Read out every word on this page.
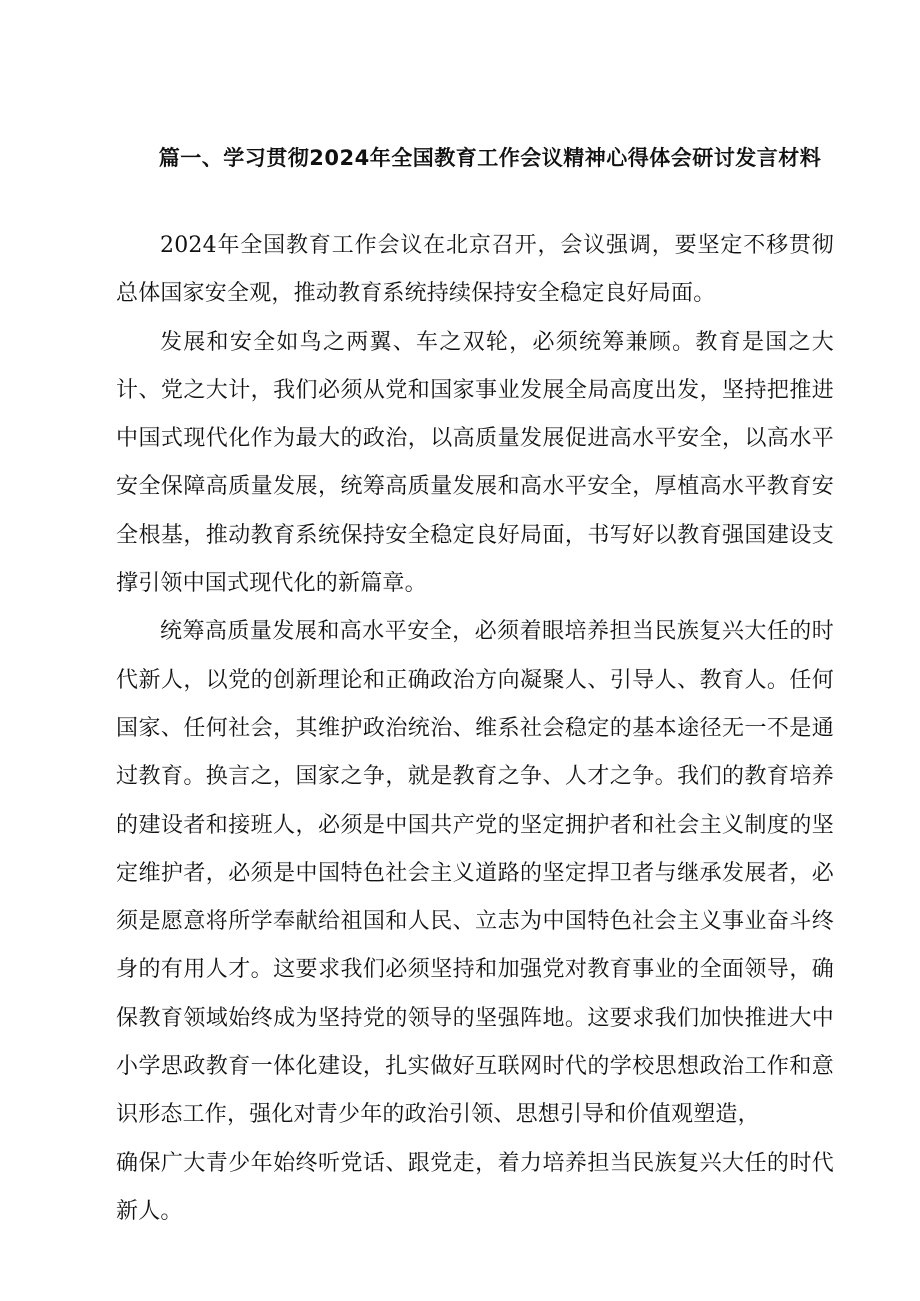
篇一、学习贯彻2024年全国教育工作会议精神心得体会研讨发言材料

2024年全国教育工作会议在北京召开，会议强调，要坚定不移贯彻总体国家安全观，推动教育系统持续保持安全稳定良好局面。

发展和安全如鸟之两翼、车之双轮，必须统筹兼顾。教育是国之大计、党之大计，我们必须从党和国家事业发展全局高度出发，坚持把推进中国式现代化作为最大的政治，以高质量发展促进高水平安全，以高水平安全保障高质量发展，统筹高质量发展和高水平安全，厚植高水平教育安全根基，推动教育系统保持安全稳定良好局面，书写好以教育强国建设支撑引领中国式现代化的新篇章。

统筹高质量发展和高水平安全，必须着眼培养担当民族复兴大任的时代新人，以党的创新理论和正确政治方向凝聚人、引导人、教育人。任何国家、任何社会，其维护政治统治、维系社会稳定的基本途径无一不是通过教育。换言之，国家之争，就是教育之争、人才之争。我们的教育培养的建设者和接班人，必须是中国共产党的坚定拥护者和社会主义制度的坚定维护者，必须是中国特色社会主义道路的坚定捍卫者与继承发展者，必须是愿意将所学奉献给祖国和人民、立志为中国特色社会主义事业奋斗终身的有用人才。这要求我们必须坚持和加强党对教育事业的全面领导，确保教育领域始终成为坚持党的领导的坚强阵地。这要求我们加快推进大中小学思政教育一体化建设，扎实做好互联网时代的学校思想政治工作和意识形态工作，强化对青少年的政治引领、思想引导和价值观塑造，

确保广大青少年始终听党话、跟党走，着力培养担当民族复兴大任的时代新人。
